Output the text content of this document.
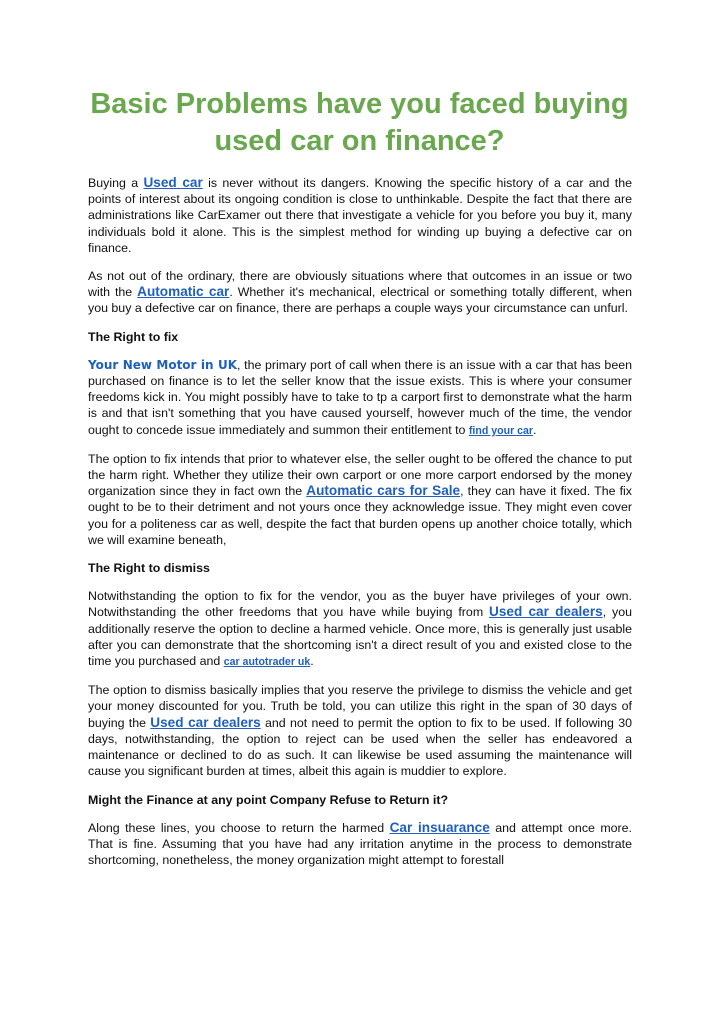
Basic Problems have you faced buying used car on finance?

Buying a Used car is never without its dangers. Knowing the specific history of a car and the points of interest about its ongoing condition is close to unthinkable. Despite the fact that there are administrations like CarExamer out there that investigate a vehicle for you before you buy it, many individuals bold it alone. This is the simplest method for winding up buying a defective car on finance.

As not out of the ordinary, there are obviously situations where that outcomes in an issue or two with the Automatic car. Whether it's mechanical, electrical or something totally different, when you buy a defective car on finance, there are perhaps a couple ways your circumstance can unfurl.

The Right to fix

Your New Motor in UK, the primary port of call when there is an issue with a car that has been purchased on finance is to let the seller know that the issue exists. This is where your consumer freedoms kick in. You might possibly have to take to tp a carport first to demonstrate what the harm is and that isn't something that you have caused yourself, however much of the time, the vendor ought to concede issue immediately and summon their entitlement to find your car.

The option to fix intends that prior to whatever else, the seller ought to be offered the chance to put the harm right. Whether they utilize their own carport or one more carport endorsed by the money organization since they in fact own the Automatic cars for Sale, they can have it fixed. The fix ought to be to their detriment and not yours once they acknowledge issue. They might even cover you for a politeness car as well, despite the fact that burden opens up another choice totally, which we will examine beneath,

The Right to dismiss

Notwithstanding the option to fix for the vendor, you as the buyer have privileges of your own. Notwithstanding the other freedoms that you have while buying from Used car dealers, you additionally reserve the option to decline a harmed vehicle. Once more, this is generally just usable after you can demonstrate that the shortcoming isn't a direct result of you and existed close to the time you purchased and car autotrader uk.

The option to dismiss basically implies that you reserve the privilege to dismiss the vehicle and get your money discounted for you. Truth be told, you can utilize this right in the span of 30 days of buying the Used car dealers and not need to permit the option to fix to be used. If following 30 days, notwithstanding, the option to reject can be used when the seller has endeavored a maintenance or declined to do as such. It can likewise be used assuming the maintenance will cause you significant burden at times, albeit this again is muddier to explore.

Might the Finance at any point Company Refuse to Return it?

Along these lines, you choose to return the harmed Car insuarance and attempt once more. That is fine. Assuming that you have had any irritation anytime in the process to demonstrate shortcoming, nonetheless, the money organization might attempt to forestall
